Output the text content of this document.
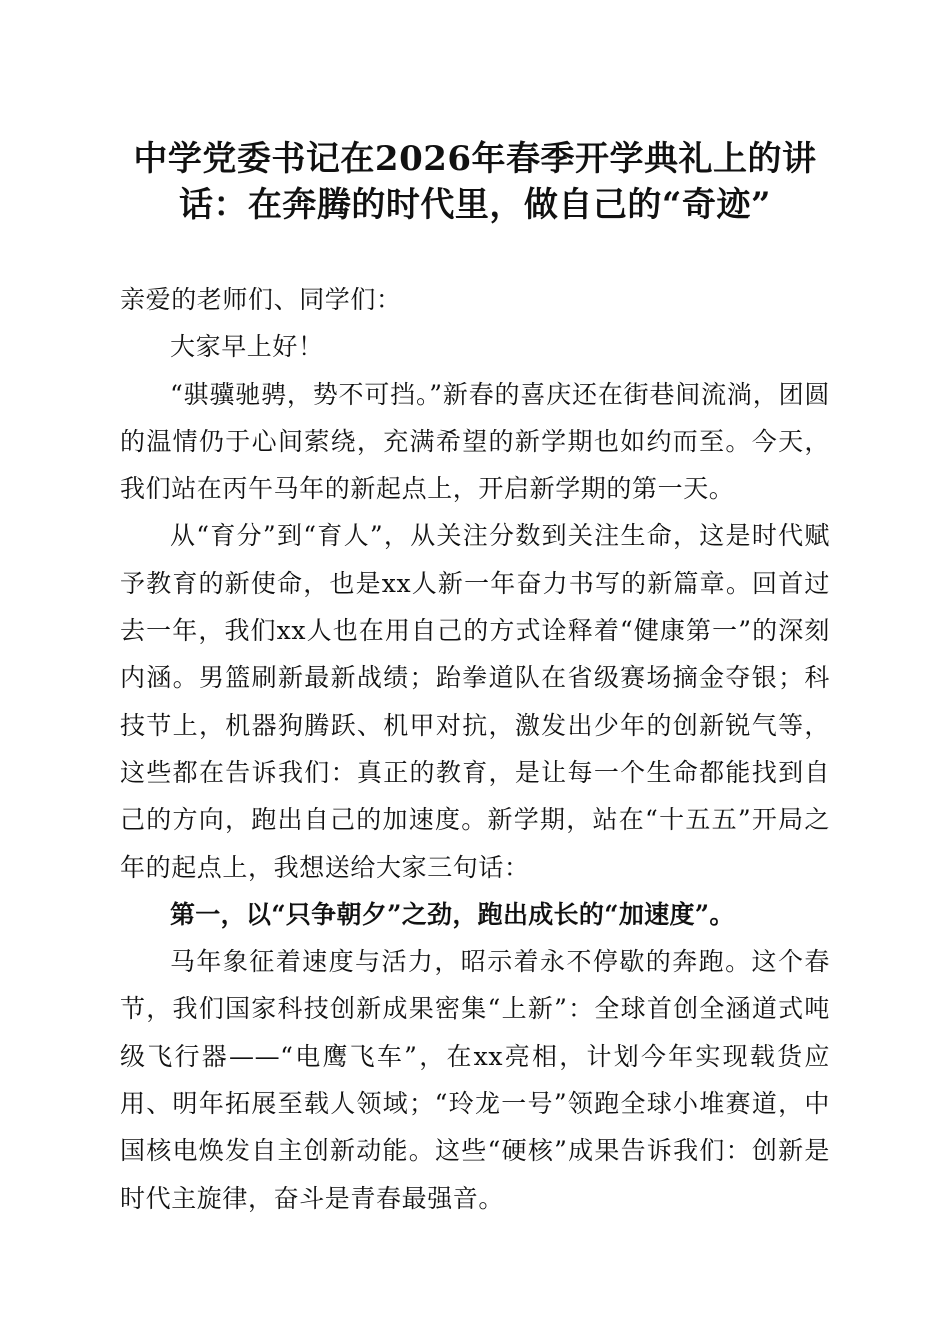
中学党委书记在2026年春季开学典礼上的讲
话：在奔腾的时代里，做自己的“奇迹”

亲爱的老师们、同学们：

大家早上好！

“骐骥驰骋，势不可挡。”新春的喜庆还在街巷间流淌，团圆的温情仍于心间萦绕，充满希望的新学期也如约而至。今天，我们站在丙午马年的新起点上，开启新学期的第一天。

从“育分”到“育人”，从关注分数到关注生命，这是时代赋予教育的新使命，也是xx人新一年奋力书写的新篇章。回首过去一年，我们xx人也在用自己的方式诠释着“健康第一”的深刻内涵。男篮刷新最新战绩；跆拳道队在省级赛场摘金夺银；科技节上，机器狗腾跃、机甲对抗，激发出少年的创新锐气等，这些都在告诉我们：真正的教育，是让每一个生命都能找到自己的方向，跑出自己的加速度。新学期，站在“十五五”开局之年的起点上，我想送给大家三句话：

第一，以“只争朝夕”之劲，跑出成长的“加速度”。

马年象征着速度与活力，昭示着永不停歇的奔跑。这个春节，我们国家科技创新成果密集“上新”：全球首创全涵道式吨级飞行器——“电鹰飞车”，在xx亮相，计划今年实现载货应用、明年拓展至载人领域；“玲龙一号”领跑全球小堆赛道，中国核电焕发自主创新动能。这些“硬核”成果告诉我们：创新是时代主旋律，奋斗是青春最强音。
